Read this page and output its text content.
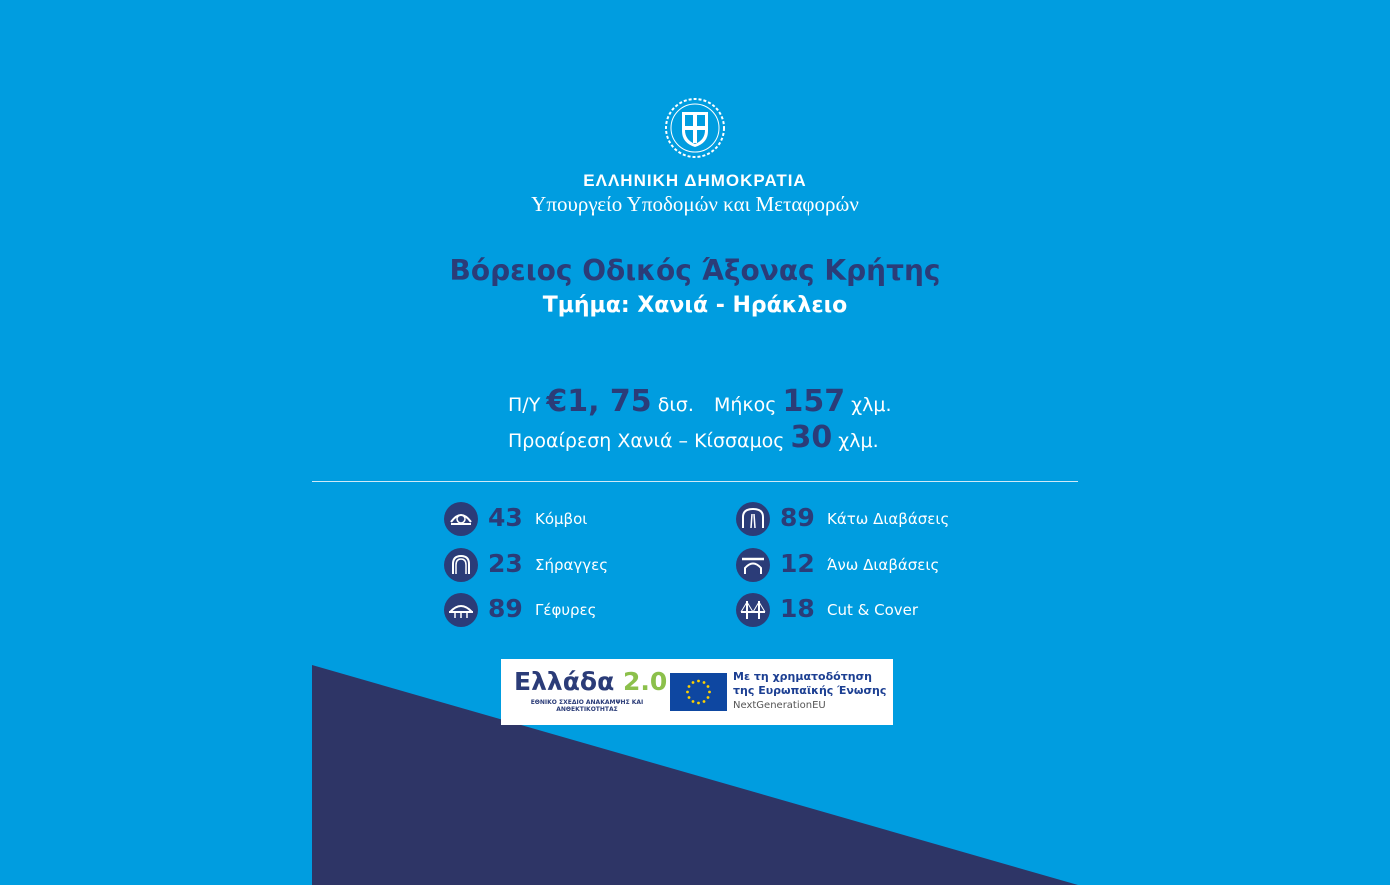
ΕΛΛΗΝΙΚΗ ΔΗΜΟΚΡΑΤΙΑ
Υπουργείο Υποδομών και Μεταφορών
Βόρειος Οδικός Άξονας Κρήτης
Τμήμα: Χανιά - Ηράκλειο
Π/Υ €1, 75 δισ. Μήκος 157 χλμ.
Προαίρεση Χανιά – Κίσσαμος 30 χλμ.
43 Κόμβοι
23 Σήραγγες
89 Γέφυρες
89 Κάτω Διαβάσεις
12 Άνω Διαβάσεις
18 Cut & Cover
Ελλάδα 2.0
ΕΘΝΙΚΟ ΣΧΕΔΙΟ ΑΝΑΚΑΜΨΗΣ ΚΑΙ ΑΝΘΕΚΤΙΚΟΤΗΤΑΣ
Με τη χρηματοδότηση
της Ευρωπαϊκής Ένωσης
NextGenerationEU
